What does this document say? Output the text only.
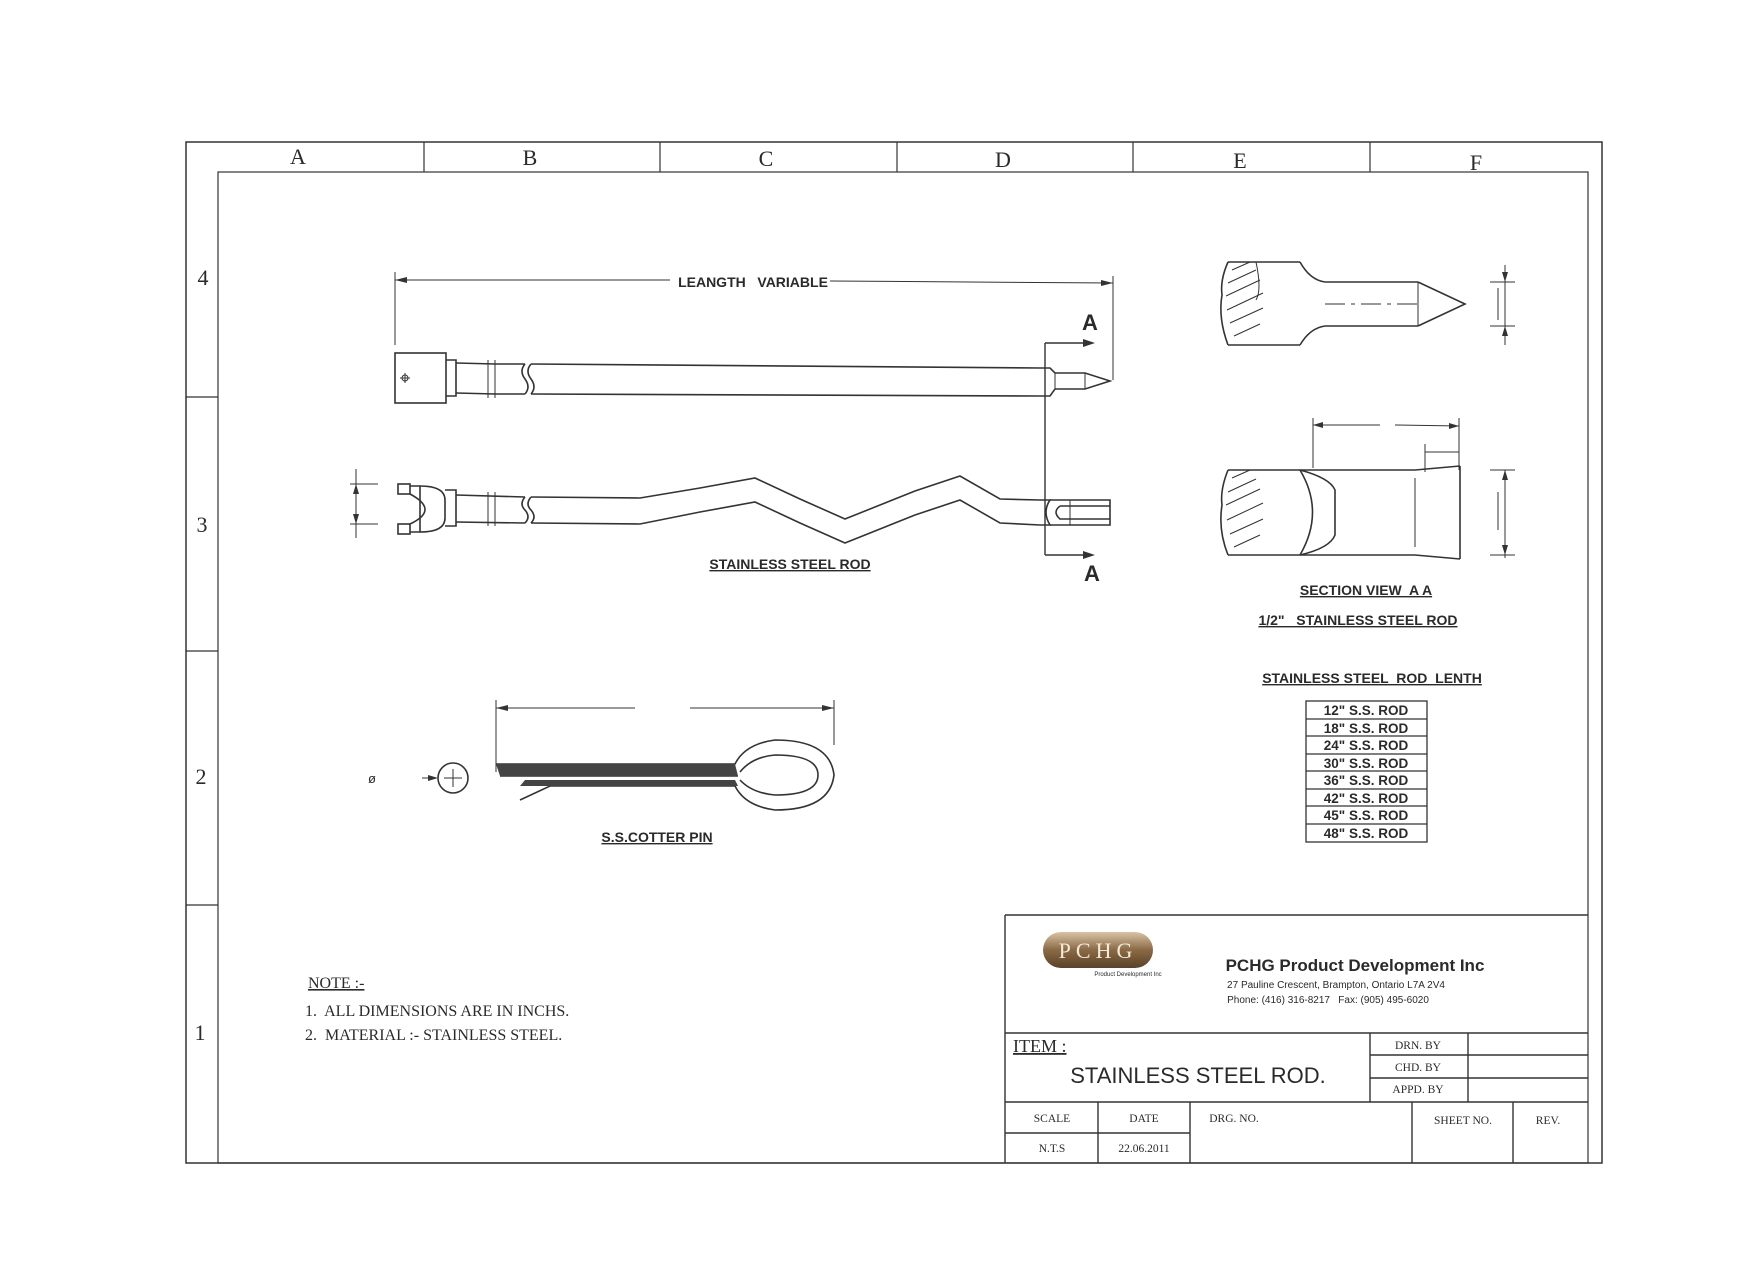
A	B	C	D	E	F
4
3
2
1
A
A
LEANGTH   VARIABLE
STAINLESS STEEL ROD
SECTION VIEW  A A
1/2"   STAINLESS STEEL ROD
STAINLESS STEEL  ROD  LENTH
12" S.S. ROD
18" S.S. ROD
24" S.S. ROD
30" S.S. ROD
36" S.S. ROD
42" S.S. ROD
45" S.S. ROD
48" S.S. ROD
ø
S.S.COTTER PIN
NOTE :-
1.  ALL DIMENSIONS ARE IN INCHS.
2.  MATERIAL :- STAINLESS STEEL.
PCHG
Product Development Inc	PCHG Product Development Inc
27 Pauline Crescent, Brampton, Ontario L7A 2V4
Phone: (416) 316-8217   Fax: (905) 495-6020
ITEM :
STAINLESS STEEL ROD.
DRN. BY
CHD. BY
APPD. BY
SCALE
N.T.S
DATE
22.06.2011
DRG. NO.	SHEET NO.	REV.
